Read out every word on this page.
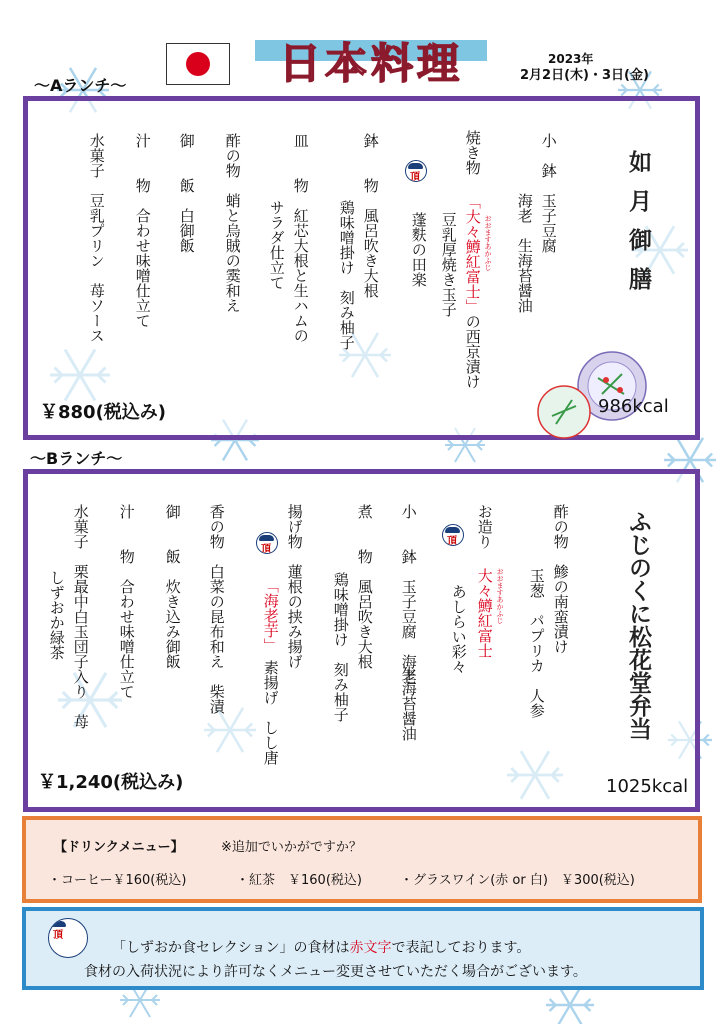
日本料理	2023年
2月2日(木)・3日(金)
～Aランチ～
如月御膳
小　鉢　玉子豆腐
　　　　海老　生海苔醤油
焼き物
おおますあかふじ
「大々鱒紅富士」の西京漬け
豆乳厚焼き玉子
頂
蓬麩の田楽
鉢　　物　風呂吹き大根
鶏味噌掛け　刻み柚子
皿　　物　紅芯大根と生ハムの
サラダ仕立て
酢の物　蛸と烏賊の霙和え
御　　飯　白御飯
汁　　物　合わせ味噌仕立て
水菓子　豆乳プリン　苺ソース
986kcal
￥880(税込み)
～Bランチ～
ふじのくに松花堂弁当
酢の物　鯵の南蛮漬け
玉葱　パプリカ　人参
お造り
大々鱒紅富士 おおますあかふじ
頂
あしらい彩々
小　　鉢　玉子豆腐　海老
生海苔醤油
煮　　物　風呂吹き大根
鶏味噌掛け　刻み柚子
揚げ物　蓮根の挟み揚げ
頂
「海老芋」
素揚げ　しし唐
香の物　白菜の昆布和え　柴漬
御　　飯　炊き込み御飯
汁　　物　合わせ味噌仕立て
水菓子　栗最中白玉団子入り　苺
しずおか緑茶
1025kcal
￥1,240(税込み)
【ドリンクメニュー】	※追加でいかがですか？
・コーヒー￥160(税込)	・紅茶　￥160(税込)	・グラスワイン(赤 or 白)　￥300(税込)
頂
「しずおか食セレクション」の食材は赤文字で表記しております。
食材の入荷状況により許可なくメニュー変更させていただく場合がございます。
